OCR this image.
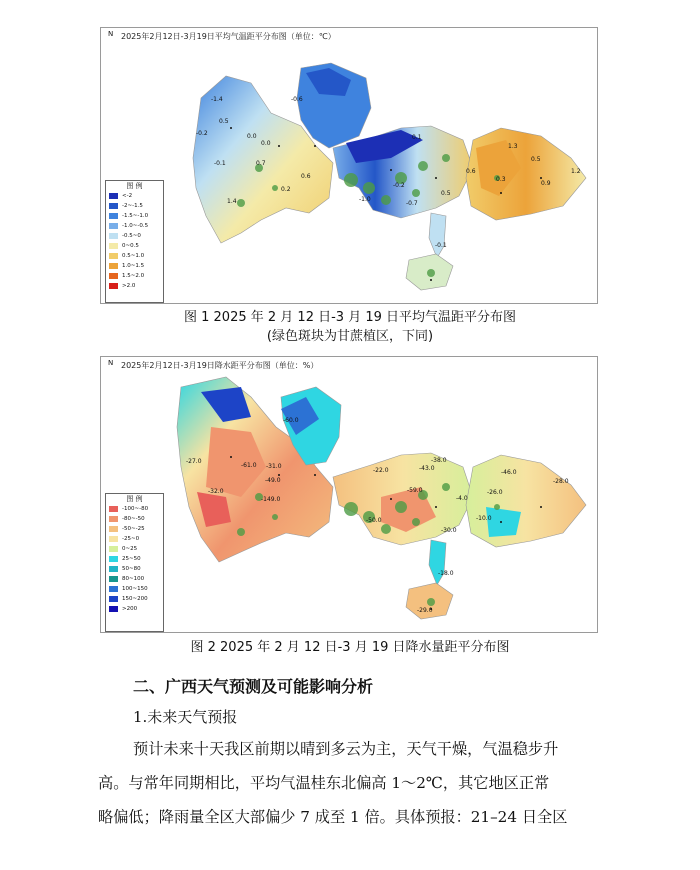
N 2025年2月12日-3月19日平均气温距平分布图（单位：℃）
-1.4
0.5
0.0
-0.2
-0.1
0.0
0.7
0.2
0.6
1.4
-0.6
0.1
-0.2
-1.0
-0.7
0.5
0.6
1.3
0.5
0.9
0.3
-0.1
1.2
图 例
<-2
-2~-1.5
-1.5~-1.0
-1.0~-0.5
-0.5~0
0~0.5
0.5~1.0
1.0~1.5
1.5~2.0
>2.0
图 1 2025 年 2 月 12 日-3 月 19 日平均气温距平分布图
(绿色斑块为甘蔗植区，下同)
N 2025年2月12日-3月19日降水距平分布图（单位：%）
-60.0
-27.0
-61.0 -31.0
-32.0
-49.0
-149.0
-22.0
-38.0
-46.0
-26.0
-28.0
-59.0
-50.0
-30.0
-10.0
-4.0
-43.0
-18.0
-29.0
图 例
-100~-80
-80~-50
-50~-25
-25~0
0~25
25~50
50~80
80~100
100~150
150~200
>200
图 2 2025 年 2 月 12 日-3 月 19 日降水量距平分布图
二、广西天气预测及可能影响分析
1.未来天气预报
预计未来十天我区前期以晴到多云为主，天气干燥，气温稳步升
高。与常年同期相比，平均气温桂东北偏高 1～2℃，其它地区正常
略偏低；降雨量全区大部偏少 7 成至 1 倍。具体预报：21–24 日全区
